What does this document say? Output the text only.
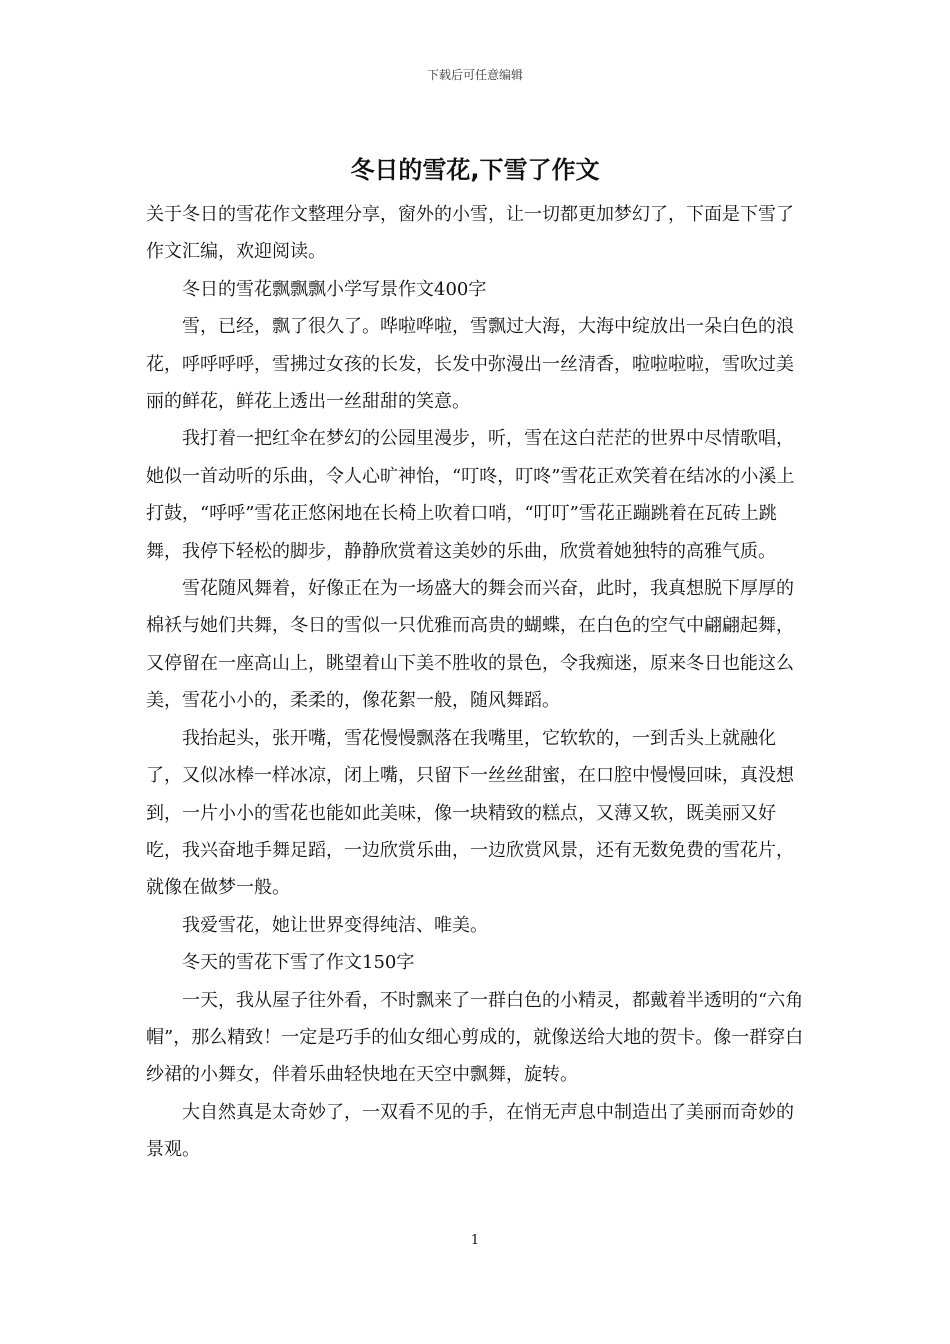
下载后可任意编辑
冬日的雪花,下雪了作文

关于冬日的雪花作文整理分享，窗外的小雪，让一切都更加梦幻了，下面是下雪了作文汇编，欢迎阅读。

冬日的雪花飘飘飘小学写景作文400字

雪，已经，飘了很久了。哗啦哗啦，雪飘过大海，大海中绽放出一朵白色的浪花，呼呼呼呼，雪拂过女孩的长发，长发中弥漫出一丝清香，啦啦啦啦，雪吹过美丽的鲜花，鲜花上透出一丝甜甜的笑意。

我打着一把红伞在梦幻的公园里漫步，听，雪在这白茫茫的世界中尽情歌唱，她似一首动听的乐曲，令人心旷神怡，“叮咚，叮咚”雪花正欢笑着在结冰的小溪上打鼓，“呼呼”雪花正悠闲地在长椅上吹着口哨，“叮叮”雪花正蹦跳着在瓦砖上跳舞，我停下轻松的脚步，静静欣赏着这美妙的乐曲，欣赏着她独特的高雅气质。

雪花随风舞着，好像正在为一场盛大的舞会而兴奋，此时，我真想脱下厚厚的棉袄与她们共舞，冬日的雪似一只优雅而高贵的蝴蝶，在白色的空气中翩翩起舞，又停留在一座高山上，眺望着山下美不胜收的景色，令我痴迷，原来冬日也能这么美，雪花小小的，柔柔的，像花絮一般，随风舞蹈。

我抬起头，张开嘴，雪花慢慢飘落在我嘴里，它软软的，一到舌头上就融化了，又似冰棒一样冰凉，闭上嘴，只留下一丝丝甜蜜，在口腔中慢慢回味，真没想到，一片小小的雪花也能如此美味，像一块精致的糕点，又薄又软，既美丽又好吃，我兴奋地手舞足蹈，一边欣赏乐曲，一边欣赏风景，还有无数免费的雪花片，就像在做梦一般。

我爱雪花，她让世界变得纯洁、唯美。

冬天的雪花下雪了作文150字

一天，我从屋子往外看，不时飘来了一群白色的小精灵，都戴着半透明的“六角帽”，那么精致！一定是巧手的仙女细心剪成的，就像送给大地的贺卡。像一群穿白纱裙的小舞女，伴着乐曲轻快地在天空中飘舞，旋转。

大自然真是太奇妙了，一双看不见的手，在悄无声息中制造出了美丽而奇妙的景观。

1
